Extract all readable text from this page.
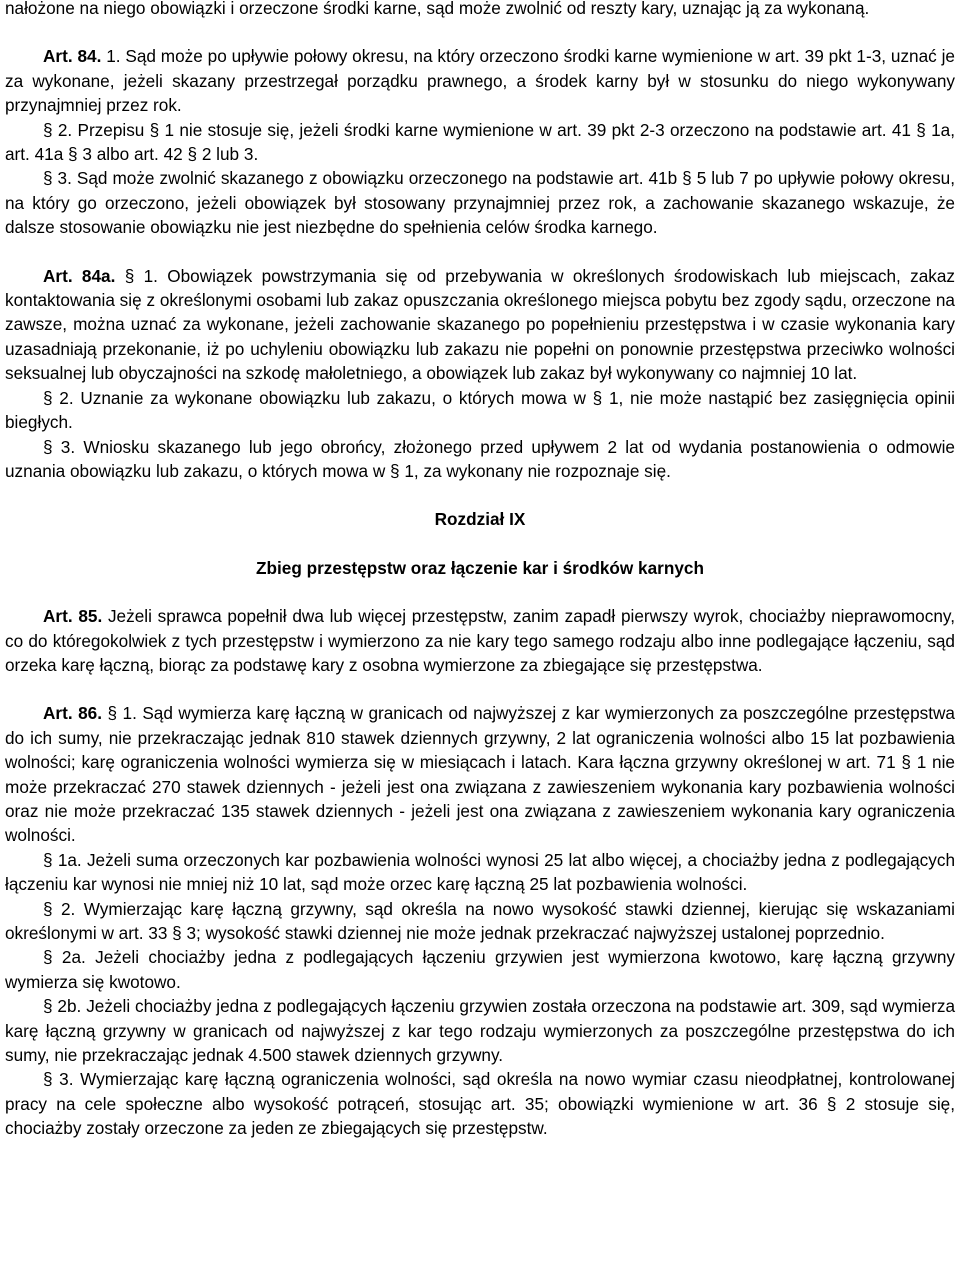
nałożone na niego obowiązki i orzeczone środki karne, sąd może zwolnić od reszty kary, uznając ją za wykonaną.

Art. 84. 1. Sąd może po upływie połowy okresu, na który orzeczono środki karne wymienione w art. 39 pkt 1-3, uznać je za wykonane, jeżeli skazany przestrzegał porządku prawnego, a środek karny był w stosunku do niego wykonywany przynajmniej przez rok.

§ 2. Przepisu § 1 nie stosuje się, jeżeli środki karne wymienione w art. 39 pkt 2-3 orzeczono na podstawie art. 41 § 1a, art. 41a § 3 albo art. 42 § 2 lub 3.

§ 3. Sąd może zwolnić skazanego z obowiązku orzeczonego na podstawie art. 41b § 5 lub 7 po upływie połowy okresu, na który go orzeczono, jeżeli obowiązek był stosowany przynajmniej przez rok, a zachowanie skazanego wskazuje, że dalsze stosowanie obowiązku nie jest niezbędne do spełnienia celów środka karnego.

Art. 84a. § 1. Obowiązek powstrzymania się od przebywania w określonych środowiskach lub miejscach, zakaz kontaktowania się z określonymi osobami lub zakaz opuszczania określonego miejsca pobytu bez zgody sądu, orzeczone na zawsze, można uznać za wykonane, jeżeli zachowanie skazanego po popełnieniu przestępstwa i w czasie wykonania kary uzasadniają przekonanie, iż po uchyleniu obowiązku lub zakazu nie popełni on ponownie przestępstwa przeciwko wolności seksualnej lub obyczajności na szkodę małoletniego, a obowiązek lub zakaz był wykonywany co najmniej 10 lat.

§ 2. Uznanie za wykonane obowiązku lub zakazu, o których mowa w § 1, nie może nastąpić bez zasięgnięcia opinii biegłych.

§ 3. Wniosku skazanego lub jego obrońcy, złożonego przed upływem 2 lat od wydania postanowienia o odmowie uznania obowiązku lub zakazu, o których mowa w § 1, za wykonany nie rozpoznaje się.

Rozdział IX

Zbieg przestępstw oraz łączenie kar i środków karnych

Art. 85. Jeżeli sprawca popełnił dwa lub więcej przestępstw, zanim zapadł pierwszy wyrok, chociażby nieprawomocny, co do któregokolwiek z tych przestępstw i wymierzono za nie kary tego samego rodzaju albo inne podlegające łączeniu, sąd orzeka karę łączną, biorąc za podstawę kary z osobna wymierzone za zbiegające się przestępstwa.

Art. 86. § 1. Sąd wymierza karę łączną w granicach od najwyższej z kar wymierzonych za poszczególne przestępstwa do ich sumy, nie przekraczając jednak 810 stawek dziennych grzywny, 2 lat ograniczenia wolności albo 15 lat pozbawienia wolności; karę ograniczenia wolności wymierza się w miesiącach i latach. Kara łączna grzywny określonej w art. 71 § 1 nie może przekraczać 270 stawek dziennych - jeżeli jest ona związana z zawieszeniem wykonania kary pozbawienia wolności oraz nie może przekraczać 135 stawek dziennych - jeżeli jest ona związana z zawieszeniem wykonania kary ograniczenia wolności.

§ 1a. Jeżeli suma orzeczonych kar pozbawienia wolności wynosi 25 lat albo więcej, a chociażby jedna z podlegających łączeniu kar wynosi nie mniej niż 10 lat, sąd może orzec karę łączną 25 lat pozbawienia wolności.

§ 2. Wymierzając karę łączną grzywny, sąd określa na nowo wysokość stawki dziennej, kierując się wskazaniami określonymi w art. 33 § 3; wysokość stawki dziennej nie może jednak przekraczać najwyższej ustalonej poprzednio.

§ 2a. Jeżeli chociażby jedna z podlegających łączeniu grzywien jest wymierzona kwotowo, karę łączną grzywny wymierza się kwotowo.

§ 2b. Jeżeli chociażby jedna z podlegających łączeniu grzywien została orzeczona na podstawie art. 309, sąd wymierza karę łączną grzywny w granicach od najwyższej z kar tego rodzaju wymierzonych za poszczególne przestępstwa do ich sumy, nie przekraczając jednak 4.500 stawek dziennych grzywny.

§ 3. Wymierzając karę łączną ograniczenia wolności, sąd określa na nowo wymiar czasu nieodpłatnej, kontrolowanej pracy na cele społeczne albo wysokość potrąceń, stosując art. 35; obowiązki wymienione w art. 36 § 2 stosuje się, chociażby zostały orzeczone za jeden ze zbiegających się przestępstw.
